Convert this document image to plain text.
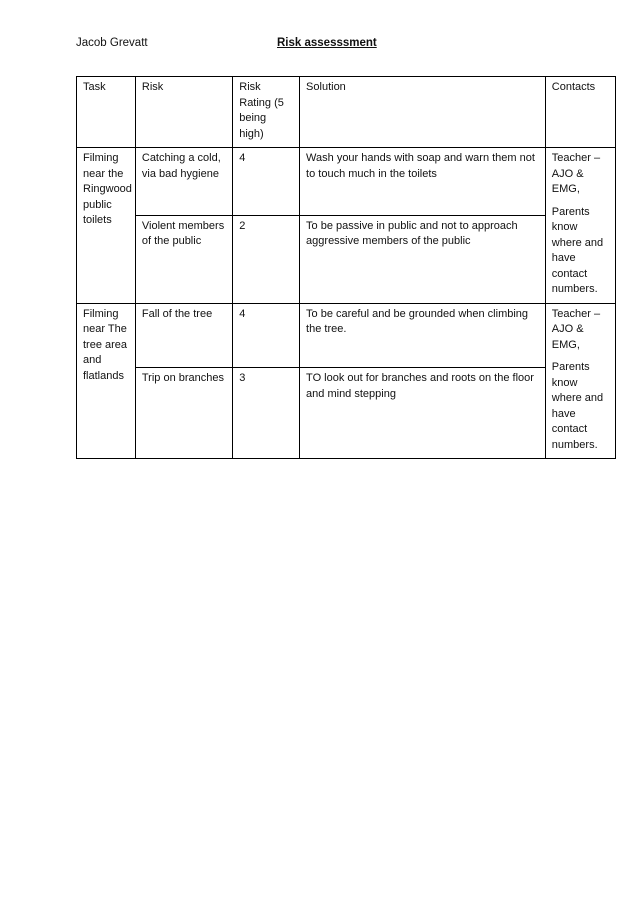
Jacob Grevatt	Risk assesssment
Task	Risk	Risk Rating (5 being high)	Solution	Contacts
Filming near the Ringwood public toilets	Catching a cold, via bad hygiene	4	Wash your hands with soap and warn them not to touch much in the toilets	Teacher – AJO & EMG,
Parents know where and have contact numbers.

	Violent members of the public	2	To be passive in public and not to approach aggressive members of the public	
Filming near The tree area and flatlands	Fall of the tree	4	To be careful and be grounded when climbing the tree.	Teacher – AJO & EMG,
Parents know where and have contact numbers.

	Trip on branches	3	TO look out for branches and roots on the floor and mind stepping	
